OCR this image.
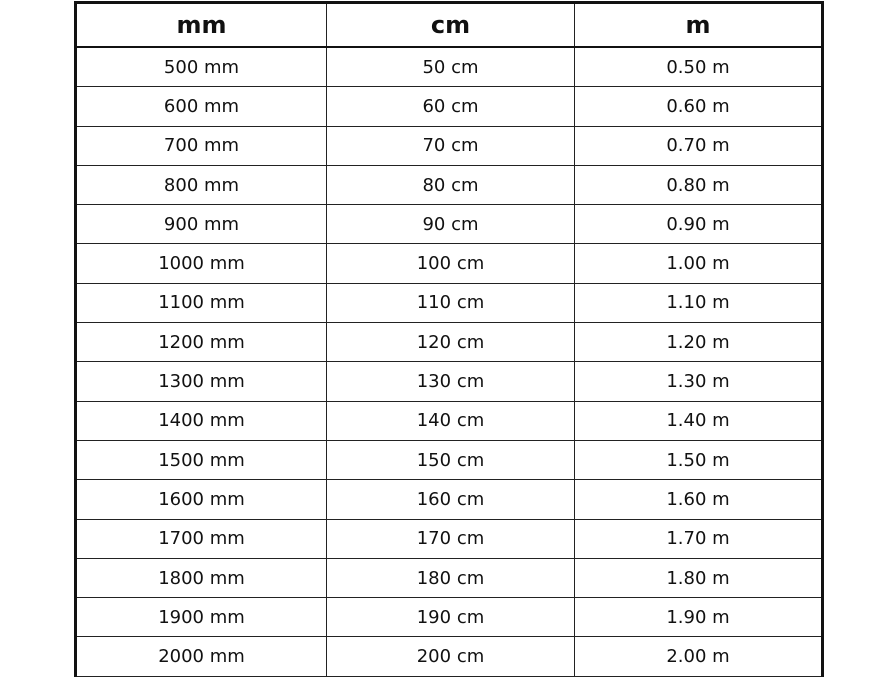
mm	cm	m
500 mm	50 cm	0.50 m
600 mm	60 cm	0.60 m
700 mm	70 cm	0.70 m
800 mm	80 cm	0.80 m
900 mm	90 cm	0.90 m
1000 mm	100 cm	1.00 m
1100 mm	110 cm	1.10 m
1200 mm	120 cm	1.20 m
1300 mm	130 cm	1.30 m
1400 mm	140 cm	1.40 m
1500 mm	150 cm	1.50 m
1600 mm	160 cm	1.60 m
1700 mm	170 cm	1.70 m
1800 mm	180 cm	1.80 m
1900 mm	190 cm	1.90 m
2000 mm	200 cm	2.00 m
